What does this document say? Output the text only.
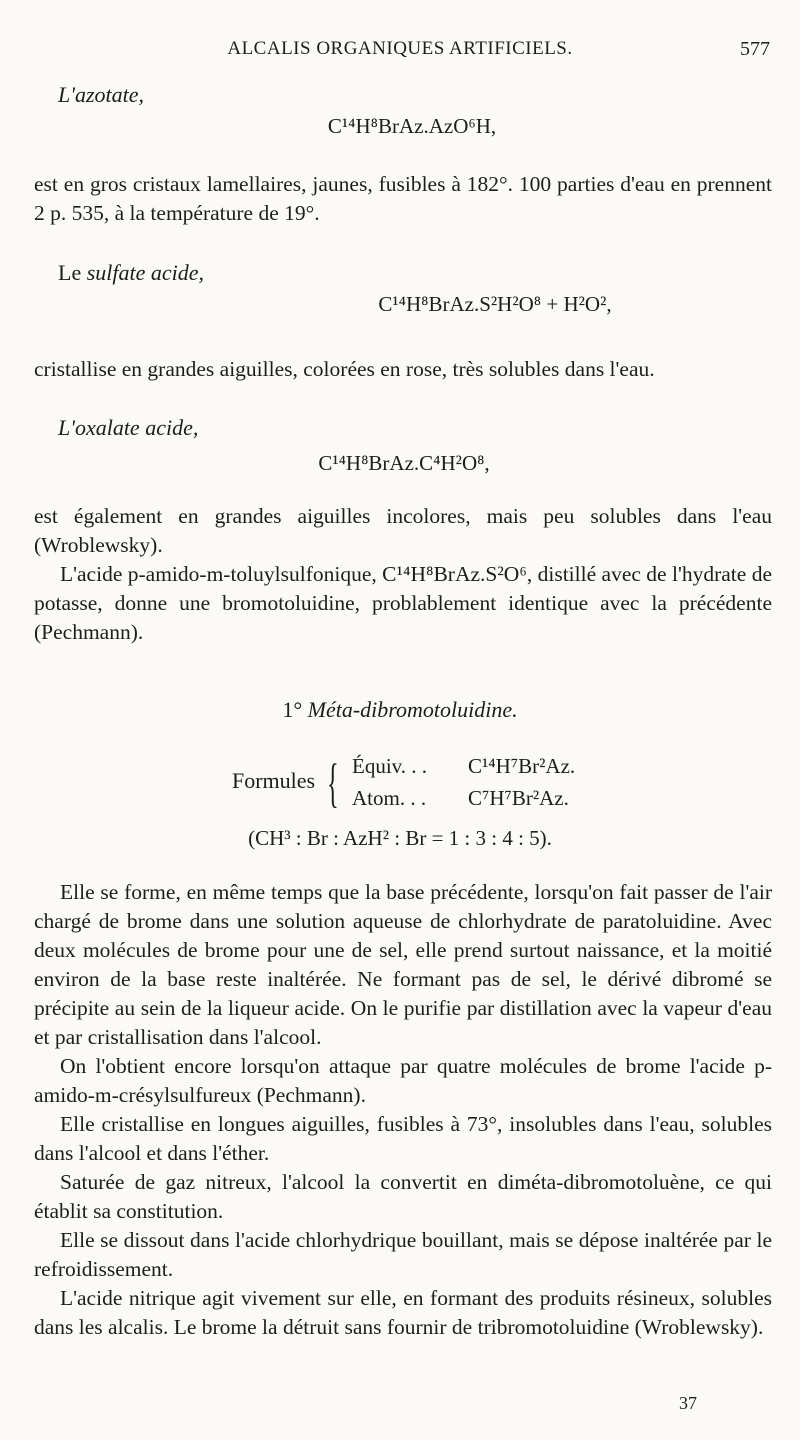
ALCALIS ORGANIQUES ARTIFICIELS.	577
L'azotate,
C¹⁴H⁸BrAz.AzO⁶H,

est en gros cristaux lamellaires, jaunes, fusibles à 182°. 100 parties d'eau en prennent 2 p. 535, à la température de 19°.

Le sulfate acide,
C¹⁴H⁸BrAz.S²H²O⁸ + H²O²,

cristallise en grandes aiguilles, colorées en rose, très solubles dans l'eau.

L'oxalate acide,
C¹⁴H⁸BrAz.C⁴H²O⁸,

est également en grandes aiguilles incolores, mais peu solubles dans l'eau (Wroblewsky).

L'acide p-amido-m-toluylsulfonique, C¹⁴H⁸BrAz.S²O⁶, distillé avec de l'hydrate de potasse, donne une bromotoluidine, problablement identique avec la précédente (Pechmann).

1° Méta-dibromotoluidine.
Formules { Équiv. . . C¹⁴H⁷Br²Az.
Atom. . . C⁷H⁷Br²Az.
(CH³ : Br : AzH² : Br = 1 : 3 : 4 : 5).

Elle se forme, en même temps que la base précédente, lorsqu'on fait passer de l'air chargé de brome dans une solution aqueuse de chlorhydrate de paratoluidine. Avec deux molécules de brome pour une de sel, elle prend surtout naissance, et la moitié environ de la base reste inaltérée. Ne formant pas de sel, le dérivé dibromé se précipite au sein de la liqueur acide. On le purifie par distillation avec la vapeur d'eau et par cristallisation dans l'alcool.

On l'obtient encore lorsqu'on attaque par quatre molécules de brome l'acide p-amido-m-crésylsulfureux (Pechmann).

Elle cristallise en longues aiguilles, fusibles à 73°, insolubles dans l'eau, solubles dans l'alcool et dans l'éther.

Saturée de gaz nitreux, l'alcool la convertit en diméta-dibromotoluène, ce qui établit sa constitution.

Elle se dissout dans l'acide chlorhydrique bouillant, mais se dépose inaltérée par le refroidissement.

L'acide nitrique agit vivement sur elle, en formant des produits résineux, solubles dans les alcalis. Le brome la détruit sans fournir de tribromotoluidine (Wroblewsky).

37
